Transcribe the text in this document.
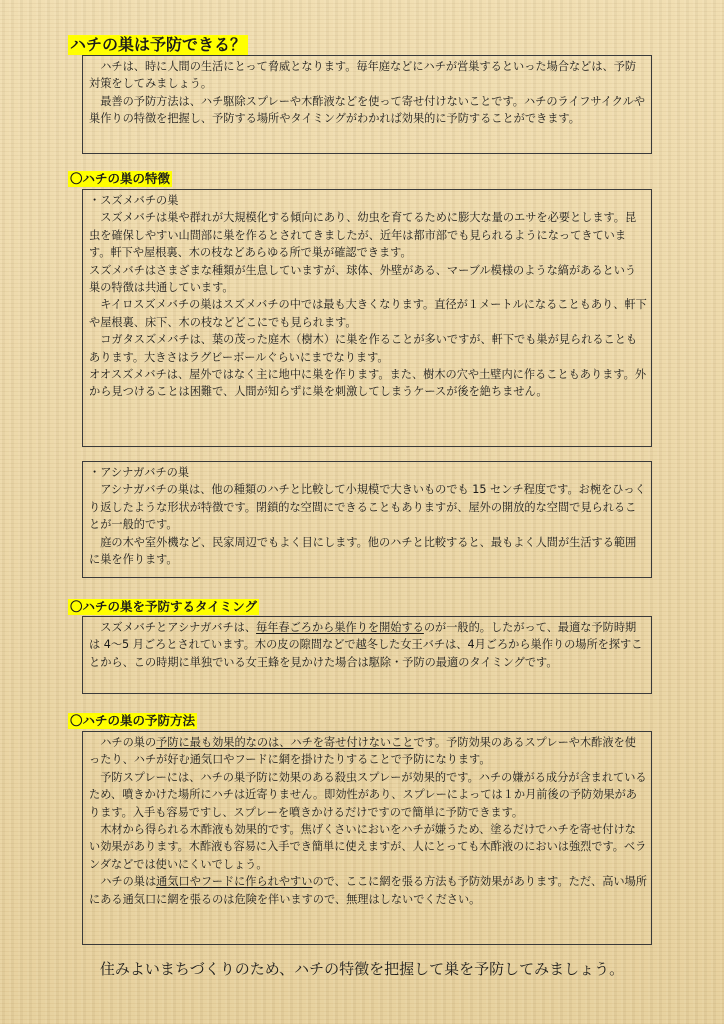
ハチの巣は予防できる？

ハチは、時に人間の生活にとって脅威となります。毎年庭などにハチが営巣するといった場合などは、予防対策をしてみましょう。

最善の予防方法は、ハチ駆除スプレーや木酢液などを使って寄せ付けないことです。ハチのライフサイクルや巣作りの特徴を把握し、予防する場所やタイミングがわかれば効果的に予防することができます。

〇ハチの巣の特徴

・スズメバチの巣

スズメバチは巣や群れが大規模化する傾向にあり、幼虫を育てるために膨大な量のエサを必要とします。昆虫を確保しやすい山間部に巣を作るとされてきましたが、近年は都市部でも見られるようになってきています。軒下や屋根裏、木の枝などあらゆる所で巣が確認できます。

スズメバチはさまざまな種類が生息していますが、球体、外壁がある、マーブル模様のような縞があるという巣の特徴は共通しています。

キイロスズメバチの巣はスズメバチの中では最も大きくなります。直径が１メートルになることもあり、軒下や屋根裏、床下、木の枝などどこにでも見られます。

コガタスズメバチは、葉の茂った庭木（樹木）に巣を作ることが多いですが、軒下でも巣が見られることもあります。大きさはラグビーボールぐらいにまでなります。

オオスズメバチは、屋外ではなく主に地中に巣を作ります。また、樹木の穴や土壁内に作ることもあります。外から見つけることは困難で、人間が知らずに巣を刺激してしまうケースが後を絶ちません。

・アシナガバチの巣

アシナガバチの巣は、他の種類のハチと比較して小規模で大きいものでも 15 センチ程度です。お椀をひっくり返したような形状が特徴です。閉鎖的な空間にできることもありますが、屋外の開放的な空間で見られることが一般的です。

庭の木や室外機など、民家周辺でもよく目にします。他のハチと比較すると、最もよく人間が生活する範囲に巣を作ります。

〇ハチの巣を予防するタイミング

スズメバチとアシナガバチは、毎年春ごろから巣作りを開始するのが一般的。したがって、最適な予防時期は 4～5 月ごろとされています。木の皮の隙間などで越冬した女王バチは、4月ごろから巣作りの場所を探すことから、この時期に単独でいる女王蜂を見かけた場合は駆除・予防の最適のタイミングです。

〇ハチの巣の予防方法

ハチの巣の予防に最も効果的なのは、ハチを寄せ付けないことです。予防効果のあるスプレーや木酢液を使ったり、ハチが好む通気口やフードに網を掛けたりすることで予防になります。

予防スプレーには、ハチの巣予防に効果のある殺虫スプレーが効果的です。ハチの嫌がる成分が含まれているため、噴きかけた場所にハチは近寄りません。即効性があり、スプレーによっては１か月前後の予防効果があります。入手も容易ですし、スプレーを噴きかけるだけですので簡単に予防できます。

木材から得られる木酢液も効果的です。焦げくさいにおいをハチが嫌うため、塗るだけでハチを寄せ付けない効果があります。木酢液も容易に入手でき簡単に使えますが、人にとっても木酢液のにおいは強烈です。ベランダなどでは使いにくいでしょう。

ハチの巣は通気口やフードに作られやすいので、ここに網を張る方法も予防効果があります。ただ、高い場所にある通気口に網を張るのは危険を伴いますので、無理はしないでください。

住みよいまちづくりのため、ハチの特徴を把握して巣を予防してみましょう。
